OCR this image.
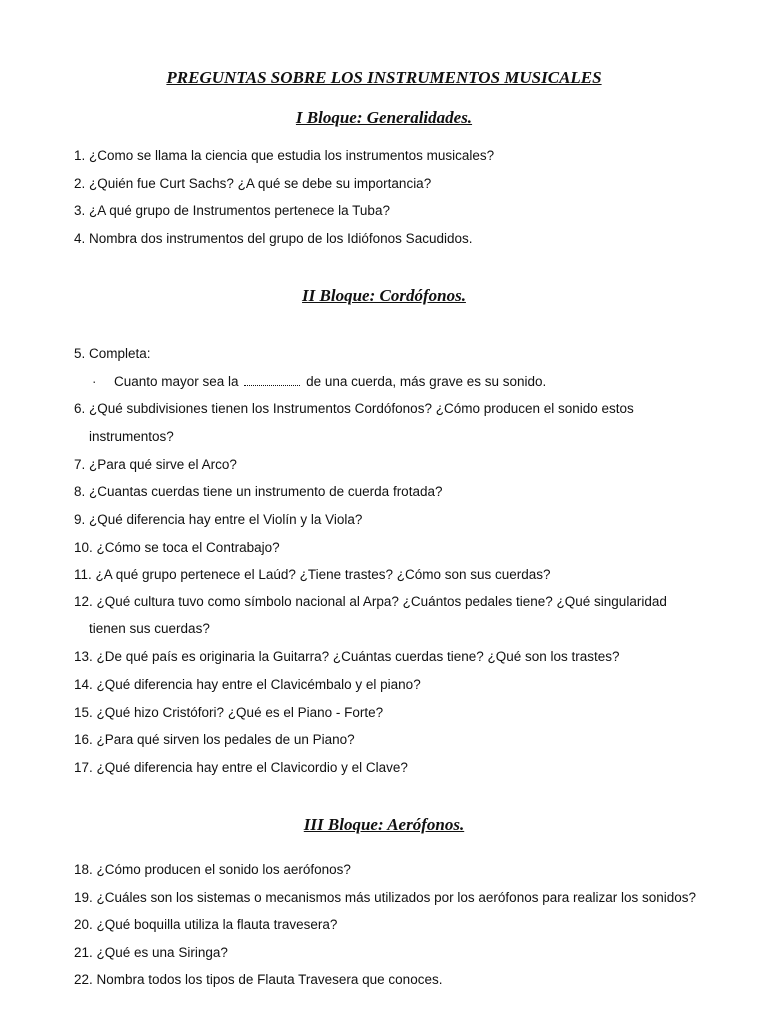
PREGUNTAS SOBRE LOS INSTRUMENTOS MUSICALES

I Bloque: Generalidades.

1. ¿Como se llama la ciencia que estudia los instrumentos musicales?

2. ¿Quién fue Curt Sachs? ¿A qué se debe su importancia?

3. ¿A qué grupo de Instrumentos pertenece la Tuba?

4. Nombra dos instrumentos del grupo de los Idiófonos Sacudidos.

II Bloque: Cordófonos.

5. Completa:

· Cuanto mayor sea la	de una cuerda, más grave es su sonido.

6. ¿Qué subdivisiones tienen los Instrumentos Cordófonos? ¿Cómo producen el sonido estos

instrumentos?

7. ¿Para qué sirve el Arco?

8. ¿Cuantas cuerdas tiene un instrumento de cuerda frotada?

9. ¿Qué diferencia hay entre el Violín y la Viola?

10. ¿Cómo se toca el Contrabajo?

11. ¿A qué grupo pertenece el Laúd? ¿Tiene trastes? ¿Cómo son sus cuerdas?

12. ¿Qué cultura tuvo como símbolo nacional al Arpa? ¿Cuántos pedales tiene? ¿Qué singularidad

tienen sus cuerdas?

13. ¿De qué país es originaria la Guitarra? ¿Cuántas cuerdas tiene? ¿Qué son los trastes?

14. ¿Qué diferencia hay entre el Clavicémbalo y el piano?

15. ¿Qué hizo Cristófori? ¿Qué es el Piano - Forte?

16. ¿Para qué sirven los pedales de un Piano?

17. ¿Qué diferencia hay entre el Clavicordio y el Clave?

III Bloque: Aerófonos.

18. ¿Cómo producen el sonido los aerófonos?

19. ¿Cuáles son los sistemas o mecanismos más utilizados por los aerófonos para realizar los sonidos?

20. ¿Qué boquilla utiliza la flauta travesera?

21. ¿Qué es una Siringa?

22. Nombra todos los tipos de Flauta Travesera que conoces.
